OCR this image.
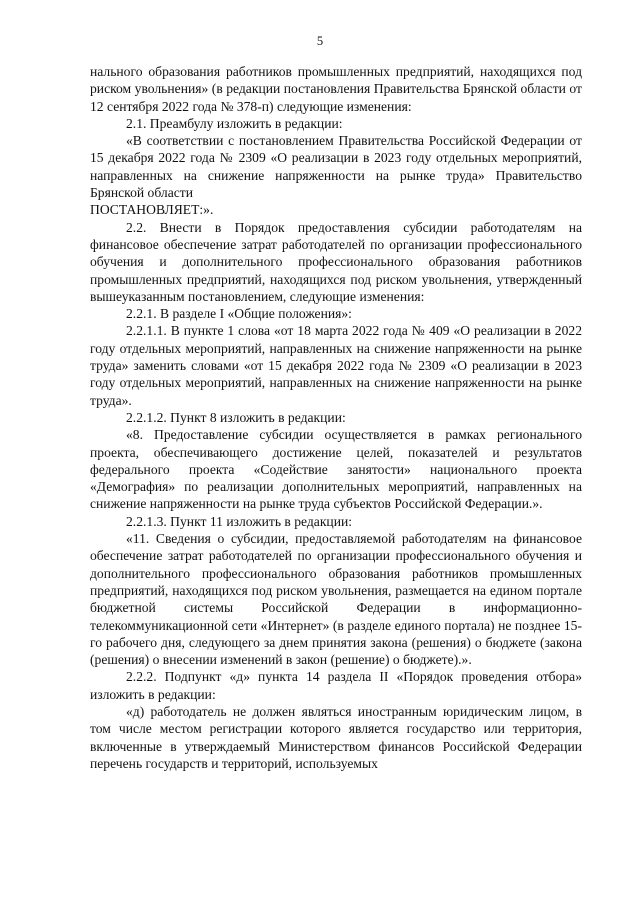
5

нального образования работников промышленных предприятий, находящихся под риском увольнения» (в редакции постановления Правительства Брянской области от 12 сентября 2022 года № 378-п) следующие изменения:

2.1. Преамбулу изложить в редакции:

«В соответствии с постановлением Правительства Российской Федерации от 15 декабря 2022 года № 2309 «О реализации в 2023 году отдельных мероприятий, направленных на снижение напряженности на рынке труда» Правительство Брянской области

ПОСТАНОВЛЯЕТ:».

2.2. Внести в Порядок предоставления субсидии работодателям на финансовое обеспечение затрат работодателей по организации профессионального обучения и дополнительного профессионального образования работников промышленных предприятий, находящихся под риском увольнения, утвержденный вышеуказанным постановлением, следующие изменения:

2.2.1. В разделе I «Общие положения»:

2.2.1.1. В пункте 1 слова «от 18 марта 2022 года № 409 «О реализации в 2022 году отдельных мероприятий, направленных на снижение напряженности на рынке труда» заменить словами «от 15 декабря 2022 года № 2309 «О реализации в 2023 году отдельных мероприятий, направленных на снижение напряженности на рынке труда».

2.2.1.2. Пункт 8 изложить в редакции:

«8. Предоставление субсидии осуществляется в рамках регионального проекта, обеспечивающего достижение целей, показателей и результатов федерального проекта «Содействие занятости» национального проекта «Демография» по реализации дополнительных мероприятий, направленных на снижение напряженности на рынке труда субъектов Российской Федерации.».

2.2.1.3. Пункт 11 изложить в редакции:

«11. Сведения о субсидии, предоставляемой работодателям на финансовое обеспечение затрат работодателей по организации профессионального обучения и дополнительного профессионального образования работников промышленных предприятий, находящихся под риском увольнения, размещается на едином портале бюджетной системы Российской Федерации в информационно-телекоммуникационной сети «Интернет» (в разделе единого портала) не позднее 15-го рабочего дня, следующего за днем принятия закона (решения) о бюджете (закона (решения) о внесении изменений в закон (решение) о бюджете).».

2.2.2. Подпункт «д» пункта 14 раздела II «Порядок проведения отбора» изложить в редакции:

«д) работодатель не должен являться иностранным юридическим лицом, в том числе местом регистрации которого является государство или территория, включенные в утверждаемый Министерством финансов Российской Федерации перечень государств и территорий, используемых
